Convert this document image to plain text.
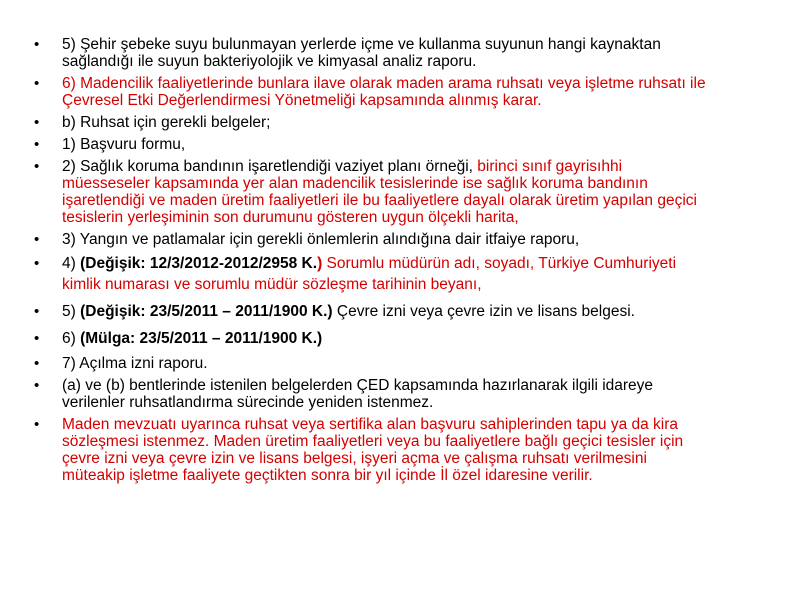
• 5) Şehir şebeke suyu bulunmayan yerlerde içme ve kullanma suyunun hangi kaynaktan sağlandığı ile suyun bakteriyolojik ve kimyasal analiz raporu.
• 6) Madencilik faaliyetlerinde bunlara ilave olarak maden arama ruhsatı veya işletme ruhsatı ile Çevresel Etki Değerlendirmesi Yönetmeliği kapsamında alınmış karar.
• b) Ruhsat için gerekli belgeler;
• 1) Başvuru formu,
• 2) Sağlık koruma bandının işaretlendiği vaziyet planı örneği, birinci sınıf gayrisıhhi müesseseler kapsamında yer alan madencilik tesislerinde ise sağlık koruma bandının işaretlendiği ve maden üretim faaliyetleri ile bu faaliyetlere dayalı olarak üretim yapılan geçici tesislerin yerleşiminin son durumunu gösteren uygun ölçekli harita,
• 3) Yangın ve patlamalar için gerekli önlemlerin alındığına dair itfaiye raporu,
• 4) (Değişik: 12/3/2012-2012/2958 K.) Sorumlu müdürün adı, soyadı, Türkiye Cumhuriyeti kimlik numarası ve sorumlu müdür sözleşme tarihinin beyanı,
• 5) (Değişik: 23/5/2011 – 2011/1900 K.) Çevre izni veya çevre izin ve lisans belgesi.
• 6) (Mülga: 23/5/2011 – 2011/1900 K.)
• 7) Açılma izni raporu.
• (a) ve (b) bentlerinde istenilen belgelerden ÇED kapsamında hazırlanarak ilgili idareye verilenler ruhsatlandırma sürecinde yeniden istenmez.
• Maden mevzuatı uyarınca ruhsat veya sertifika alan başvuru sahiplerinden tapu ya da kira sözleşmesi istenmez. Maden üretim faaliyetleri veya bu faaliyetlere bağlı geçici tesisler için çevre izni veya çevre izin ve lisans belgesi, işyeri açma ve çalışma ruhsatı verilmesini müteakip işletme faaliyete geçtikten sonra bir yıl içinde İl özel idaresine verilir.
